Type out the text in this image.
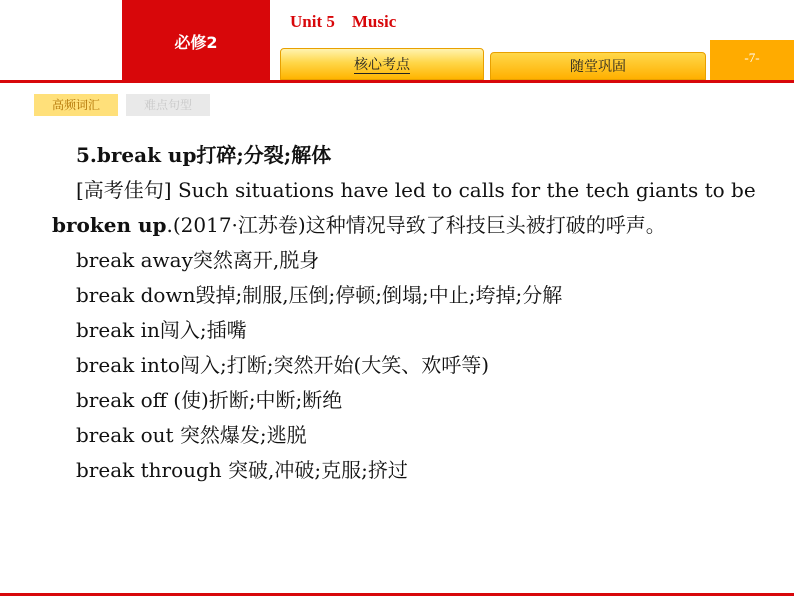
必修2
Unit 5    Music
核心考点	随堂巩固
-7-
高频词汇	难点句型
5.break up打碎;分裂;解体
[高考佳句] Such situations have led to calls for the tech giants to be
broken up.(2017·江苏卷)这种情况导致了科技巨头被打破的呼声。
break away突然离开,脱身
break down毁掉;制服,压倒;停顿;倒塌;中止;垮掉;分解
break in闯入;插嘴
break into闯入;打断;突然开始(大笑、欢呼等)
break off (使)折断;中断;断绝
break out 突然爆发;逃脱
break through 突破,冲破;克服;挤过
